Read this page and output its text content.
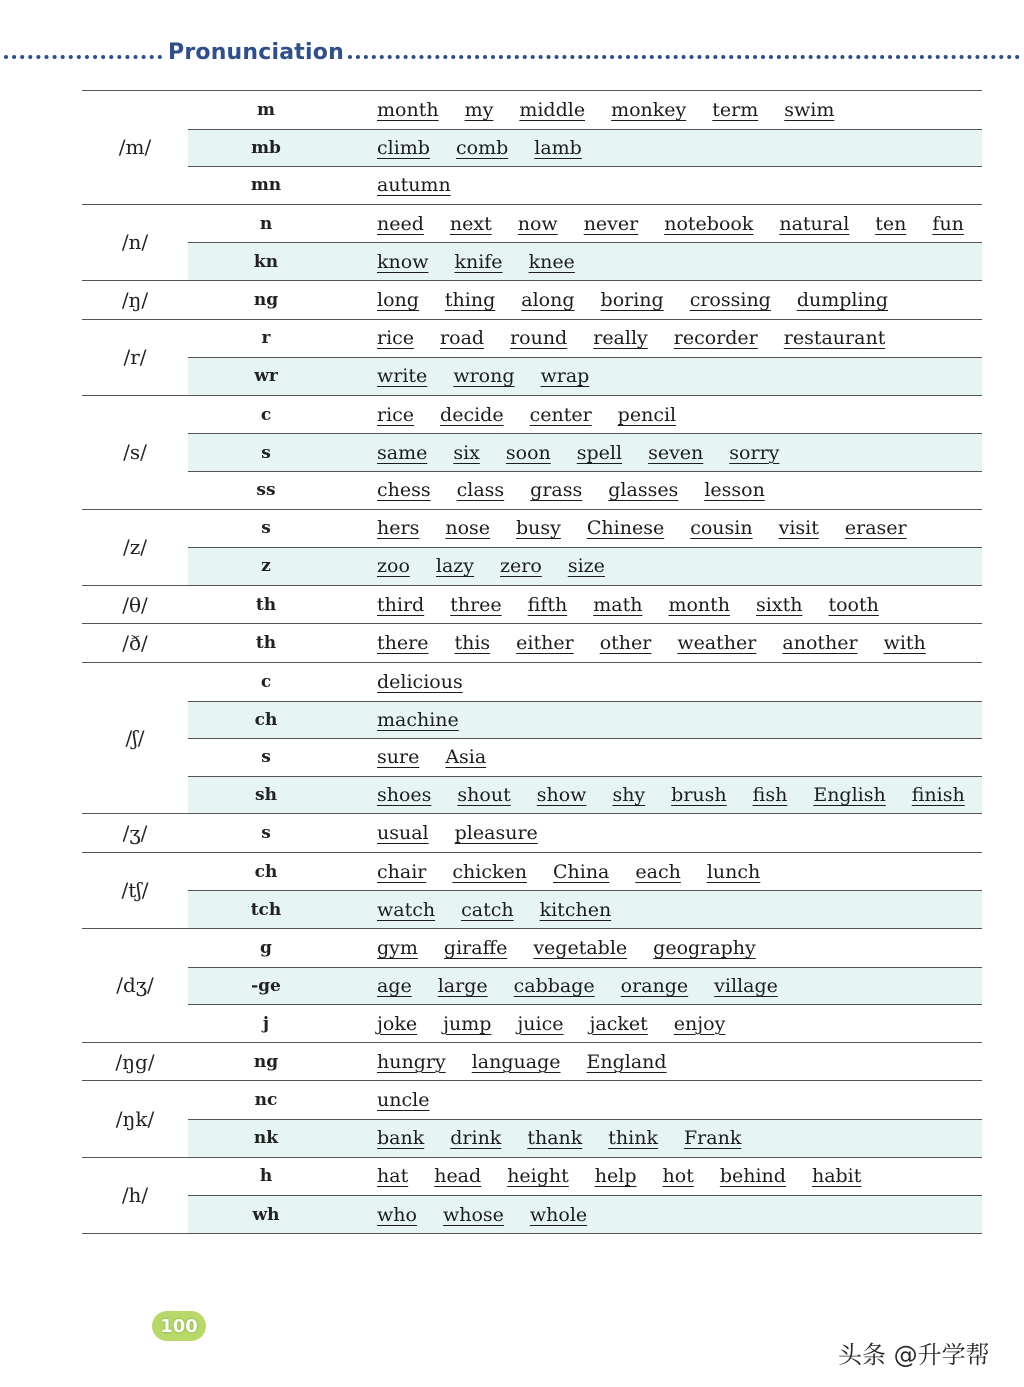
Pronunciation
/m/
m	month my middle monkey term swim
mb	climb comb lamb
mn	autumn
/n/
n	need next now never notebook natural ten fun
kn	know knife knee
/ŋ/	ng	long thing along boring crossing dumpling
/r/
r	rice road round really recorder restaurant
wr	write wrong wrap
/s/
c	rice decide center pencil
s	same six soon spell seven sorry
ss	chess class grass glasses lesson
/z/
s	hers nose busy Chinese cousin visit eraser
z	zoo lazy zero size
/θ/	th	third three fifth math month sixth tooth
/ð/	th	there this either other weather another with
/ʃ/
c	delicious
ch	machine
s	sure Asia
sh	shoes shout show shy brush fish English finish
/ʒ/	s	usual pleasure
/tʃ/
ch	chair chicken China each lunch
tch	watch catch kitchen
/dʒ/
g	gym giraffe vegetable geography
-ge	age large cabbage orange village
j	joke jump juice jacket enjoy
/ŋg/	ng	hungry language England
/ŋk/
nc	uncle
nk	bank drink thank think Frank
/h/
h	hat head height help hot behind habit
wh	who whose whole
100
头条 @升学帮
